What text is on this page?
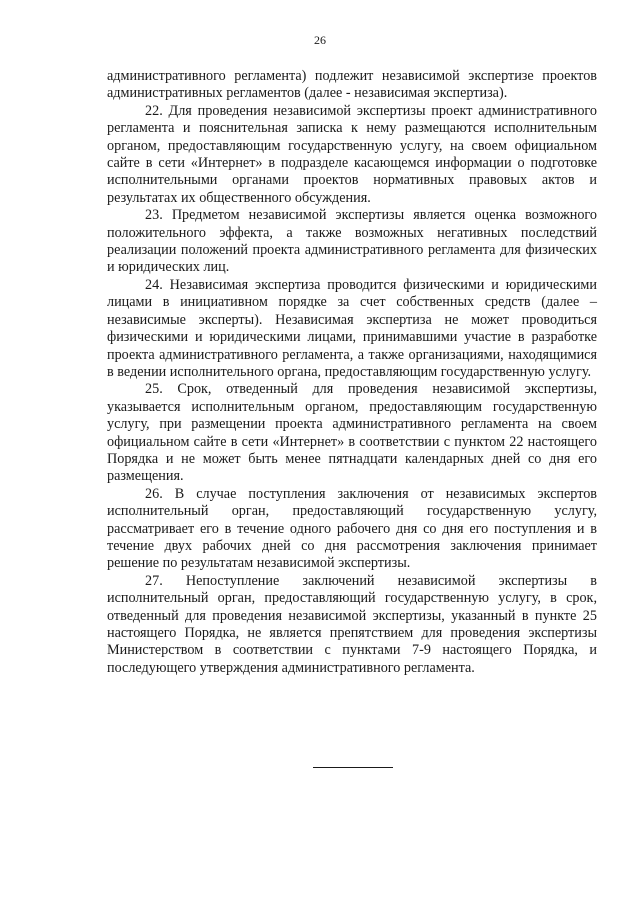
26

административного регламента) подлежит независимой экспертизе проектов административных регламентов (далее - независимая экспертиза).

22. Для проведения независимой экспертизы проект административного регламента и пояснительная записка к нему размещаются исполнительным органом, предоставляющим государственную услугу, на своем официальном сайте в сети «Интернет» в подразделе касающемся информации о подготовке исполнительными органами проектов нормативных правовых актов и результатах их общественного обсуждения.

23. Предметом независимой экспертизы является оценка возможного положительного эффекта, а также возможных негативных последствий реализации положений проекта административного регламента для физических и юридических лиц.

24. Независимая экспертиза проводится физическими и юридическими лицами в инициативном порядке за счет собственных средств (далее – независимые эксперты). Независимая экспертиза не может проводиться физическими и юридическими лицами, принимавшими участие в разработке проекта административного регламента, а также организациями, находящимися в ведении исполнительного органа, предоставляющим государственную услугу.

25. Срок, отведенный для проведения независимой экспертизы, указывается исполнительным органом, предоставляющим государственную услугу, при размещении проекта административного регламента на своем официальном сайте в сети «Интернет» в соответствии с пунктом 22 настоящего Порядка и не может быть менее пятнадцати календарных дней со дня его размещения.

26. В случае поступления заключения от независимых экспертов исполнительный орган, предоставляющий государственную услугу, рассматривает его в течение одного рабочего дня со дня его поступления и в течение двух рабочих дней со дня рассмотрения заключения принимает решение по результатам независимой экспертизы.

27. Непоступление заключений независимой экспертизы в исполнительный орган, предоставляющий государственную услугу, в срок, отведенный для проведения независимой экспертизы, указанный в пункте 25 настоящего Порядка, не является препятствием для проведения экспертизы Министерством в соответствии с пунктами 7-9 настоящего Порядка, и последующего утверждения административного регламента.
